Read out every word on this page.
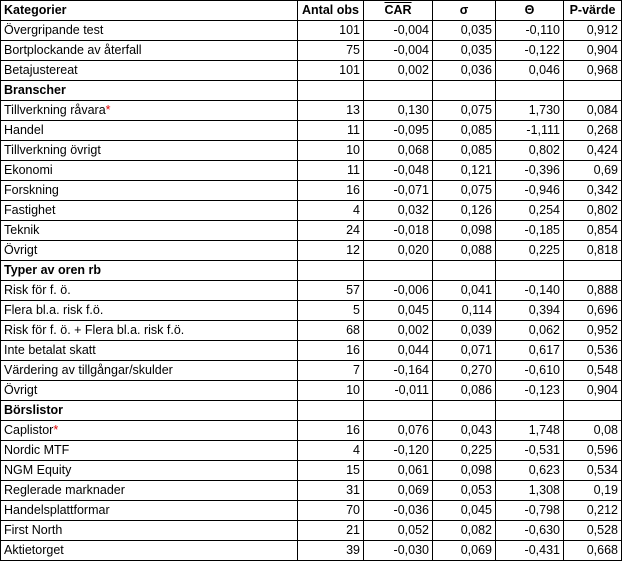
Kategorier	Antal obs	$\overline{CAR}$	σ	Θ	P-värde
Övergripande test	101	-0,004	0,035	-0,110	0,912
Bortplockande av återfall	75	-0,004	0,035	-0,122	0,904
Betajustereat	101	0,002	0,036	0,046	0,968
Branscher					
Tillverkning råvara*	13	0,130	0,075	1,730	0,084
Handel	11	-0,095	0,085	-1,111	0,268
Tillverkning övrigt	10	0,068	0,085	0,802	0,424
Ekonomi	11	-0,048	0,121	-0,396	0,69
Forskning	16	-0,071	0,075	-0,946	0,342
Fastighet	4	0,032	0,126	0,254	0,802
Teknik	24	-0,018	0,098	-0,185	0,854
Övrigt	12	0,020	0,088	0,225	0,818
Typer av oren rb					
Risk för f. ö.	57	-0,006	0,041	-0,140	0,888
Flera bl.a. risk f.ö.	5	0,045	0,114	0,394	0,696
Risk för f. ö. + Flera bl.a. risk f.ö.	68	0,002	0,039	0,062	0,952
Inte betalat skatt	16	0,044	0,071	0,617	0,536
Värdering av tillgångar/skulder	7	-0,164	0,270	-0,610	0,548
Övrigt	10	-0,011	0,086	-0,123	0,904
Börslistor					
Caplistor*	16	0,076	0,043	1,748	0,08
Nordic MTF	4	-0,120	0,225	-0,531	0,596
NGM Equity	15	0,061	0,098	0,623	0,534
Reglerade marknader	31	0,069	0,053	1,308	0,19
Handelsplattformar	70	-0,036	0,045	-0,798	0,212
First North	21	0,052	0,082	-0,630	0,528
Aktietorget	39	-0,030	0,069	-0,431	0,668
